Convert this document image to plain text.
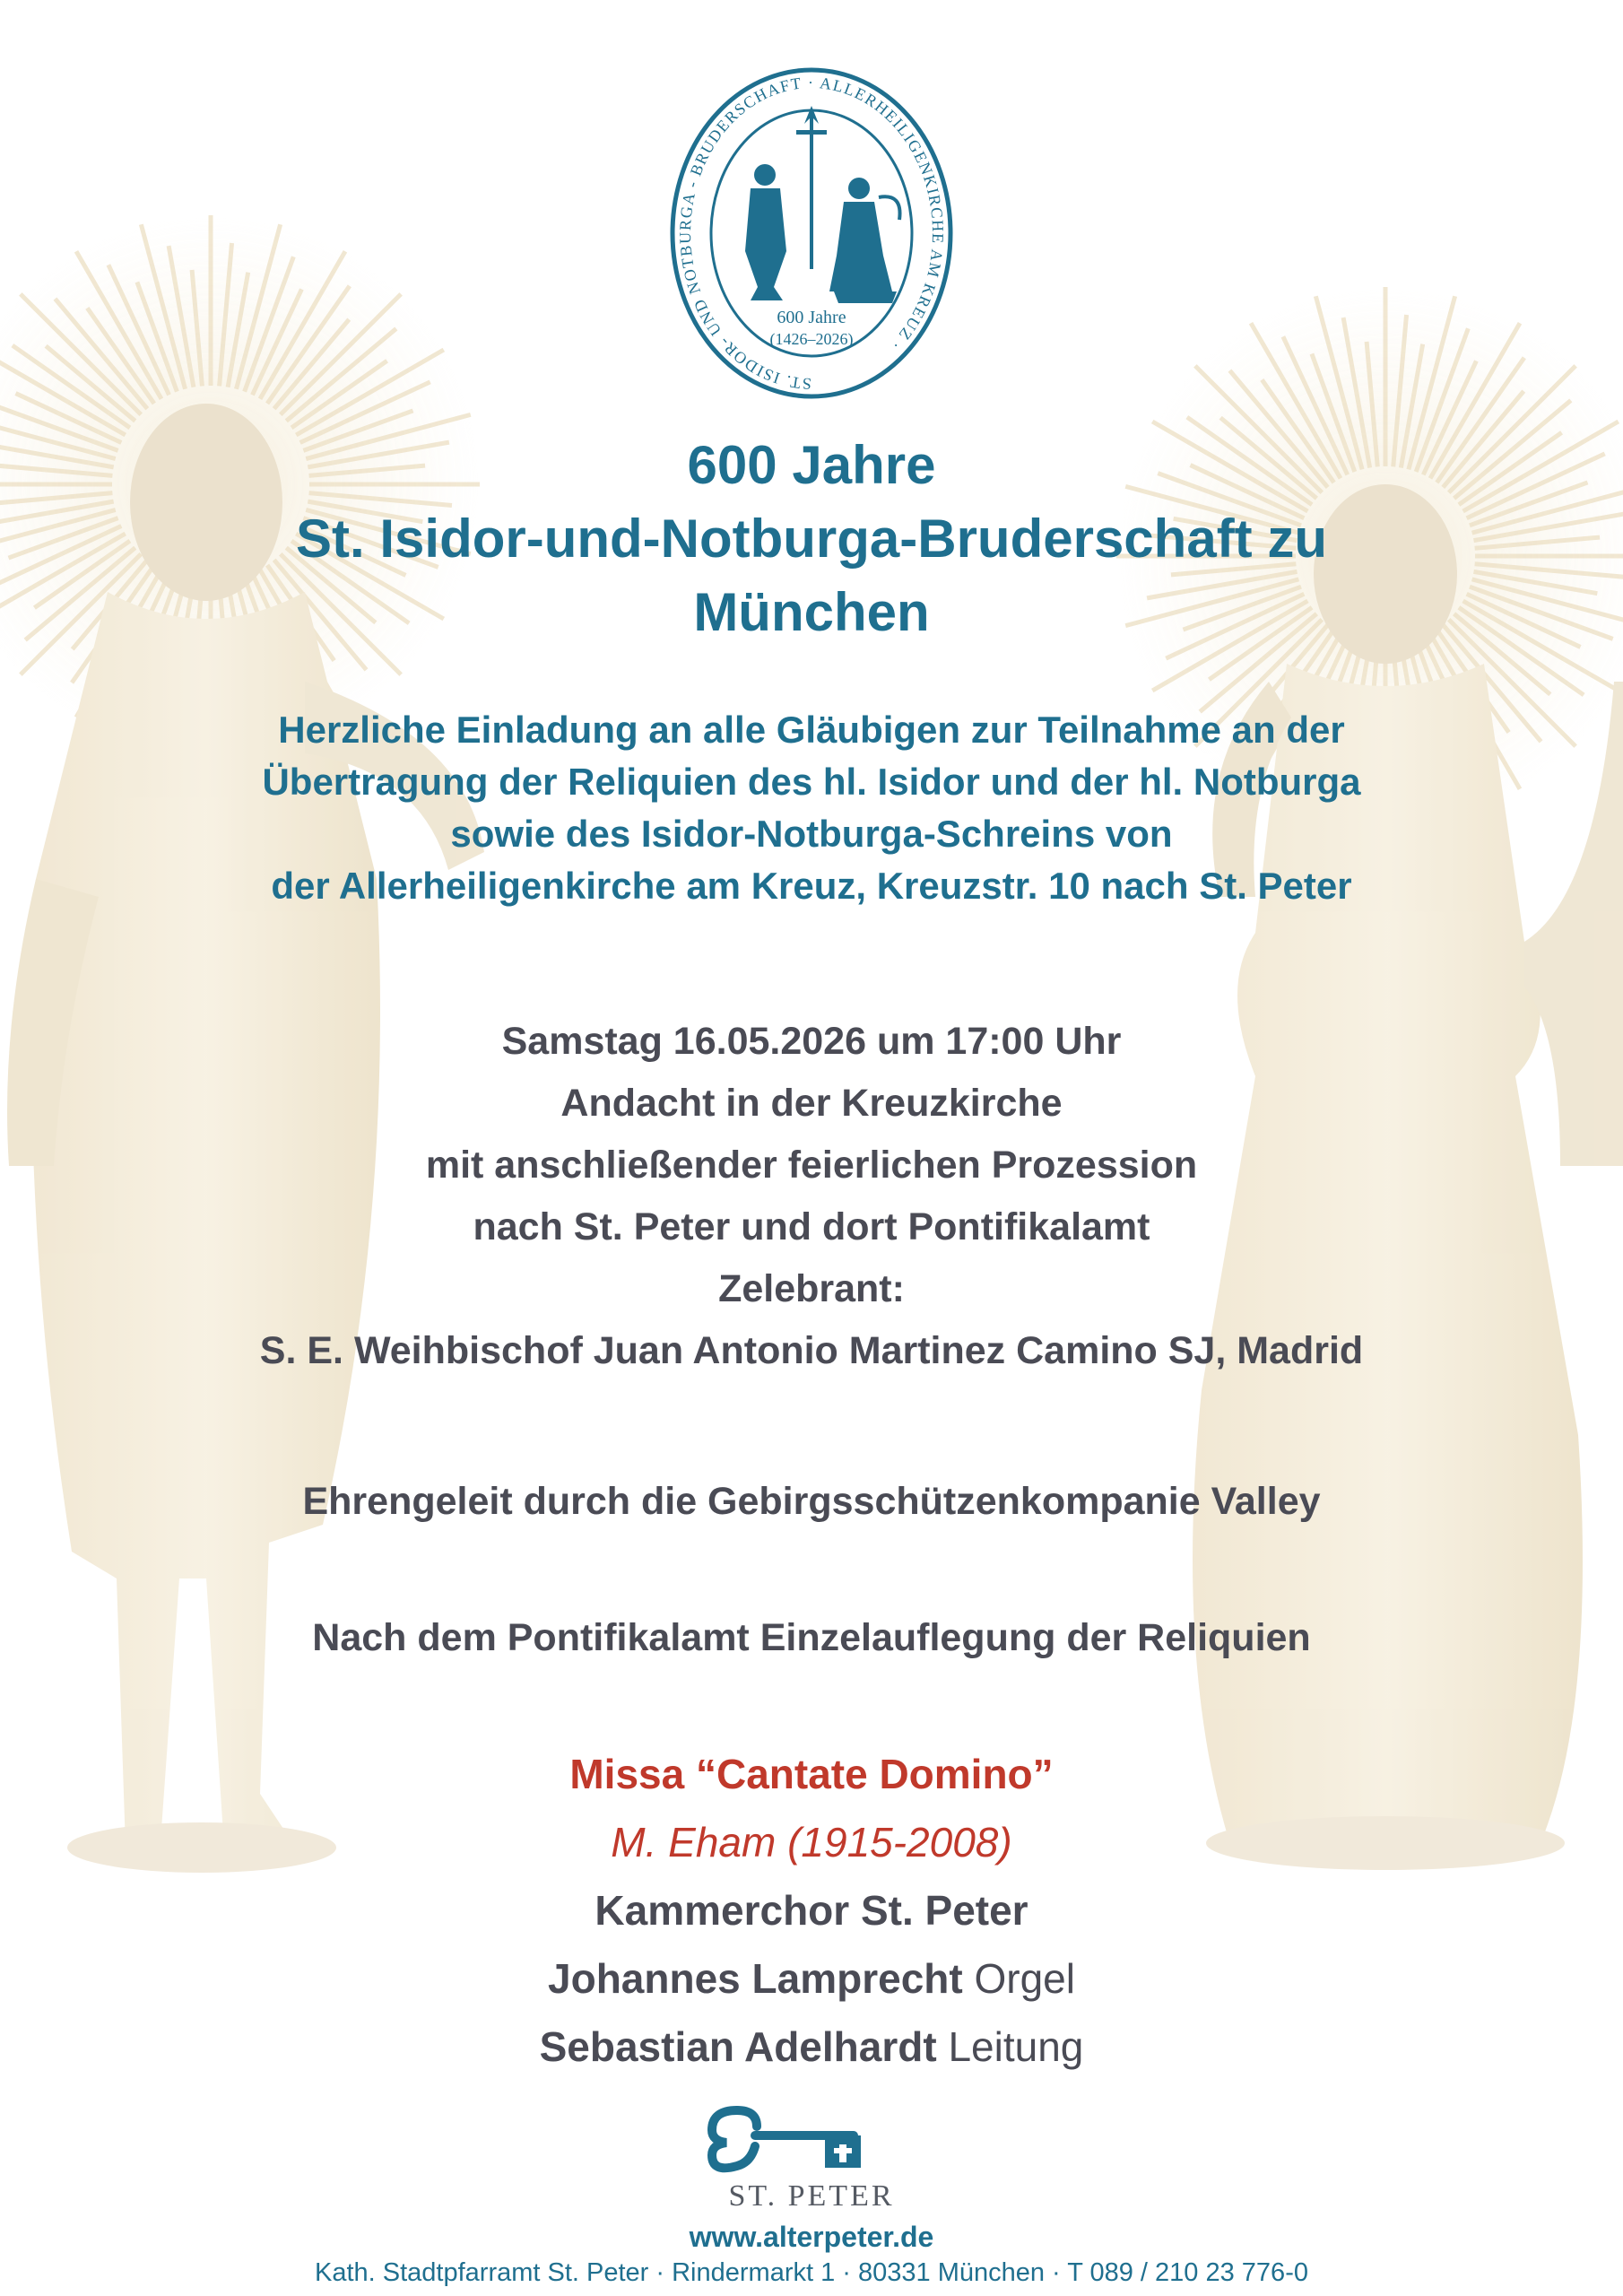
ST. ISIDOR- UND NOTBURGA - BRUDERSCHAFT · ALLERHEILIGENKIRCHE AM KREUZ ·
600 Jahre
(1426–2026)
600 Jahre
St. Isidor-und-Notburga-Bruderschaft zu
München
Herzliche Einladung an alle Gläubigen zur Teilnahme an der
Übertragung der Reliquien des hl. Isidor und der hl. Notburga
sowie des Isidor-Notburga-Schreins von
der Allerheiligenkirche am Kreuz, Kreuzstr. 10 nach St. Peter
Samstag 16.05.2026 um 17:00 Uhr
Andacht in der Kreuzkirche
mit anschließender feierlichen Prozession
nach St. Peter und dort Pontifikalamt
Zelebrant:
S. E. Weihbischof Juan Antonio Martinez Camino SJ, Madrid
Ehrengeleit durch die Gebirgsschützenkompanie Valley
Nach dem Pontifikalamt Einzelauflegung der Reliquien
Missa “Cantate Domino”
M. Eham (1915-2008)
Kammerchor St. Peter
Johannes Lamprecht Orgel
Sebastian Adelhardt Leitung
ST. PETER
www.alterpeter.de
Kath. Stadtpfarramt St. Peter · Rindermarkt 1 · 80331 München · T 089 / 210 23 776-0
